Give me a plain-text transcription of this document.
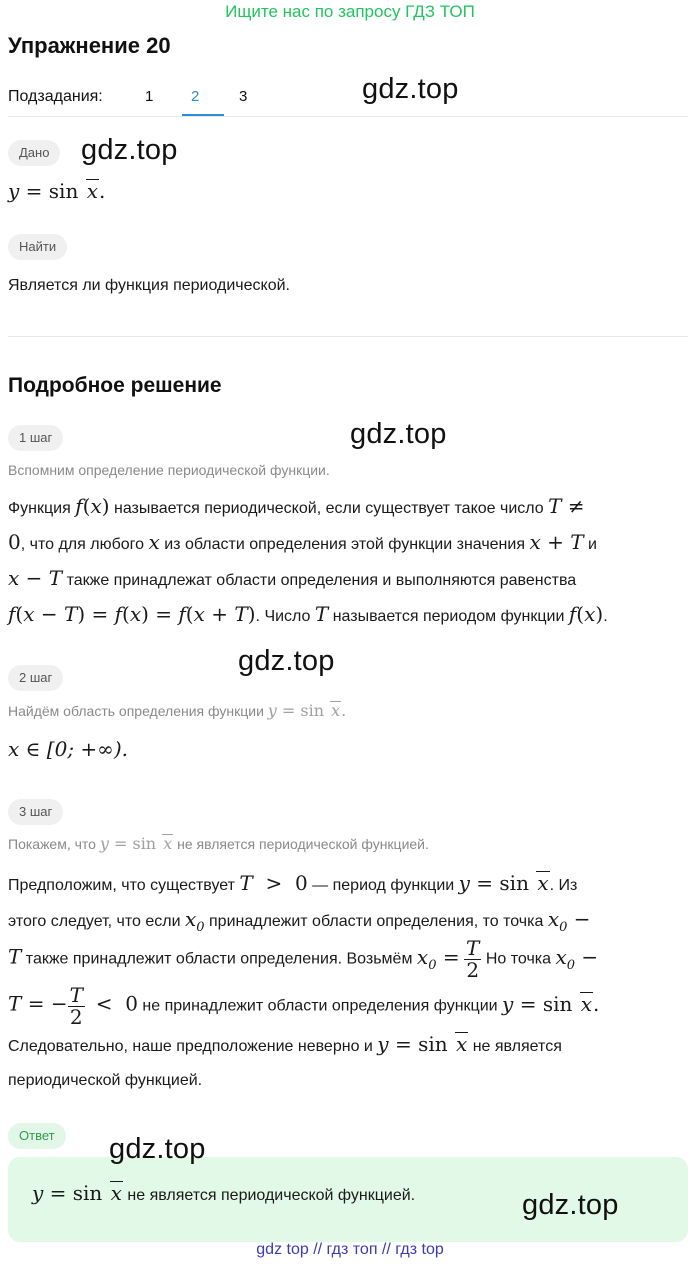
Ищите нас по запросу ГДЗ ТОП
Упражнение 20
Подзадания:	1	2	3	gdz.top
Дано	gdz.top
y = sin x.
Найти
Является ли функция периодической.
Подробное решение
1 шаг	gdz.top
Вспомним определение периодической функции.
Функция f(x) называется периодической, если существует такое число T ≠
0, что для любого x из области определения этой функции значения x + T и
x − T также принадлежат области определения и выполняются равенства
f(x − T) = f(x) = f(x + T). Число T называется периодом функции f(x).
gdz.top
2 шаг
Найдём область определения функции y = sin x.
x ∈ [0; +∞).
3 шаг
Покажем, что y = sin x не является периодической функцией.
Предположим, что существует T  > 0 — период функции y = sin x. Из
этого следует, что если $x_0$ принадлежит области определения, то точка $x_0$ −
T также принадлежит области определения. Возьмём $x_0 = \frac{T}{2}$ Но точка $x_0$ −
T = − $\frac{T}{2} < 0$ не принадлежит области определения функции y = sin x.
Следовательно, наше предположение неверно и y = sin x не является
периодической функцией.
Ответ
y = sin x не является периодической функцией.
gdz.top
gdz.top
gdz top // гдз топ // гдз top
